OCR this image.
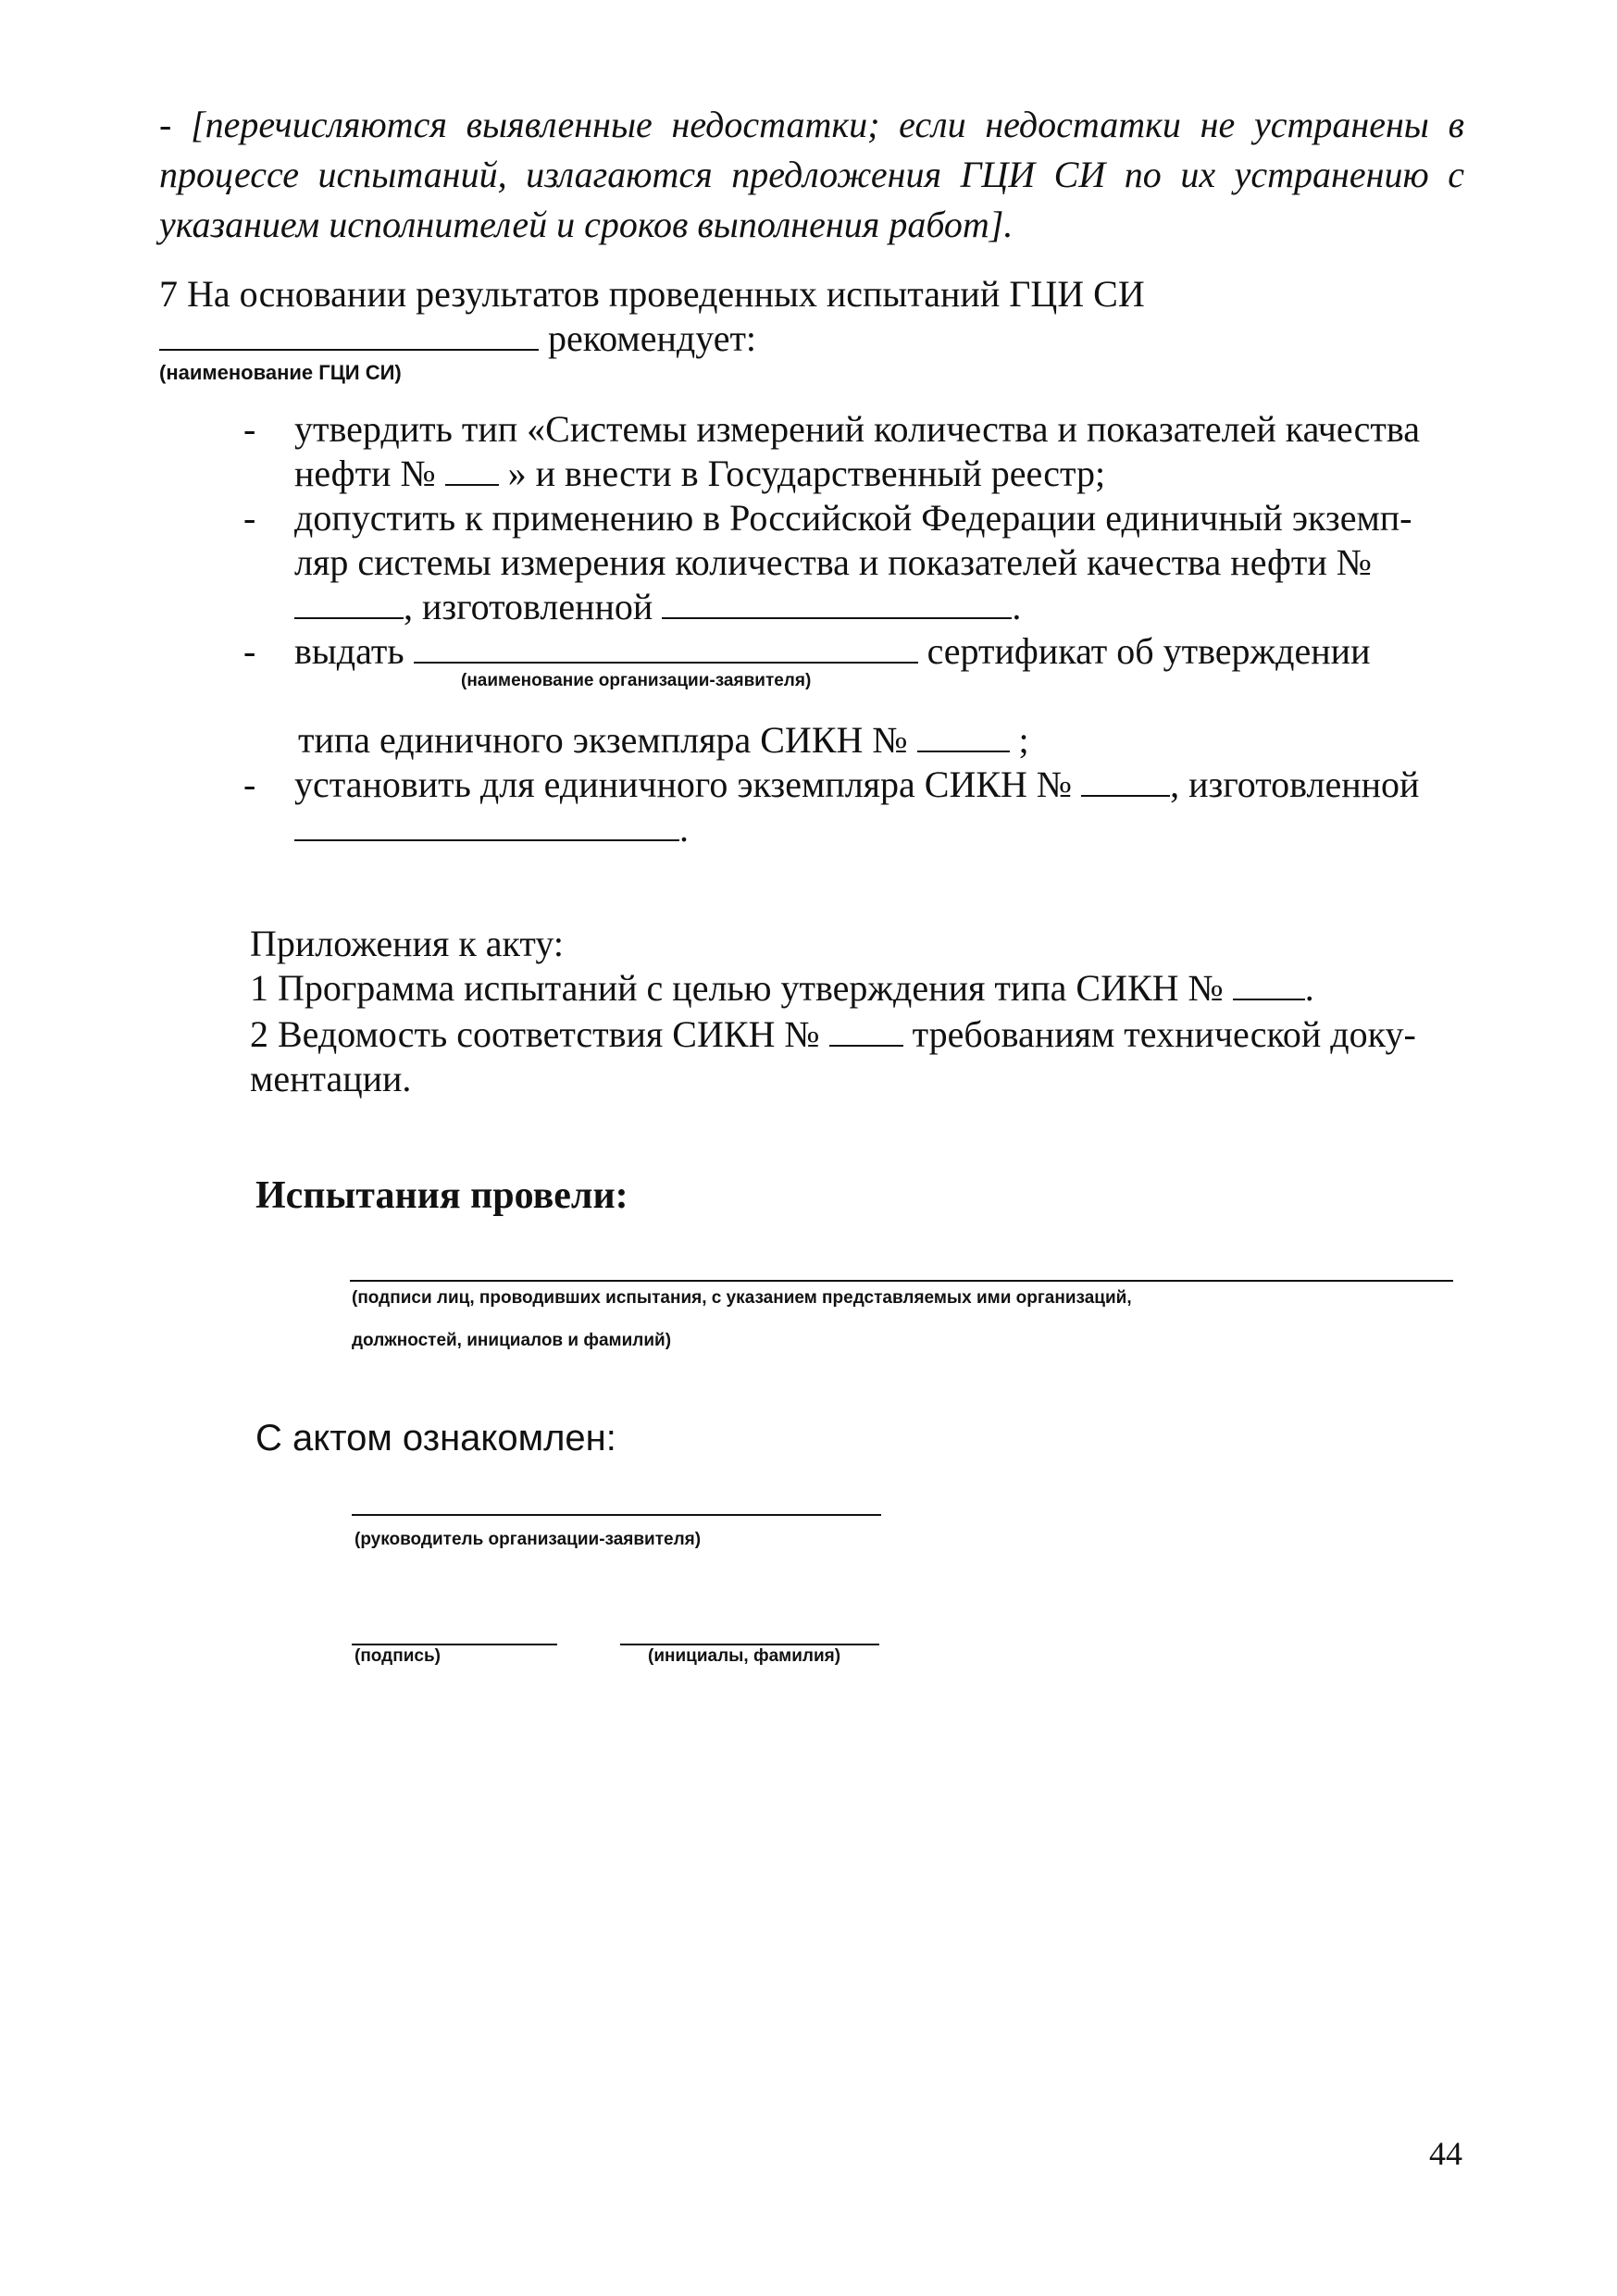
- [перечисляются выявленные недостатки; если недостатки не устранены в процессе испытаний, излагаются предложения ГЦИ СИ по их устранению с указанием исполнителей и сроков выполнения работ].
7 На основании результатов проведенных испытаний ГЦИ СИ
рекомендует:
(наименование ГЦИ СИ)
- утвердить тип «Системы измерений количества и показателей качества
нефти № » и внести в Государственный реестр;
- допустить к применению в Российской Федерации единичный экземп-
ляр системы измерения количества и показателей качества нефти №
, изготовленной	.
- выдать	сертификат об утверждении
(наименование организации-заявителя)
типа единичного экземпляра СИКН №	;
- установить для единичного экземпляра СИКН №	, изготовленной
.
Приложения к акту:
1 Программа испытаний с целью утверждения типа СИКН № .
2 Ведомость соответствия СИКН №	требованиям технической доку-
ментации.
Испытания провели:
(подписи лиц, проводивших испытания, с указанием представляемых ими организаций,
должностей, инициалов и фамилий)
С актом ознакомлен:
(руководитель организации-заявителя)
(подпись)	(инициалы, фамилия)
44
